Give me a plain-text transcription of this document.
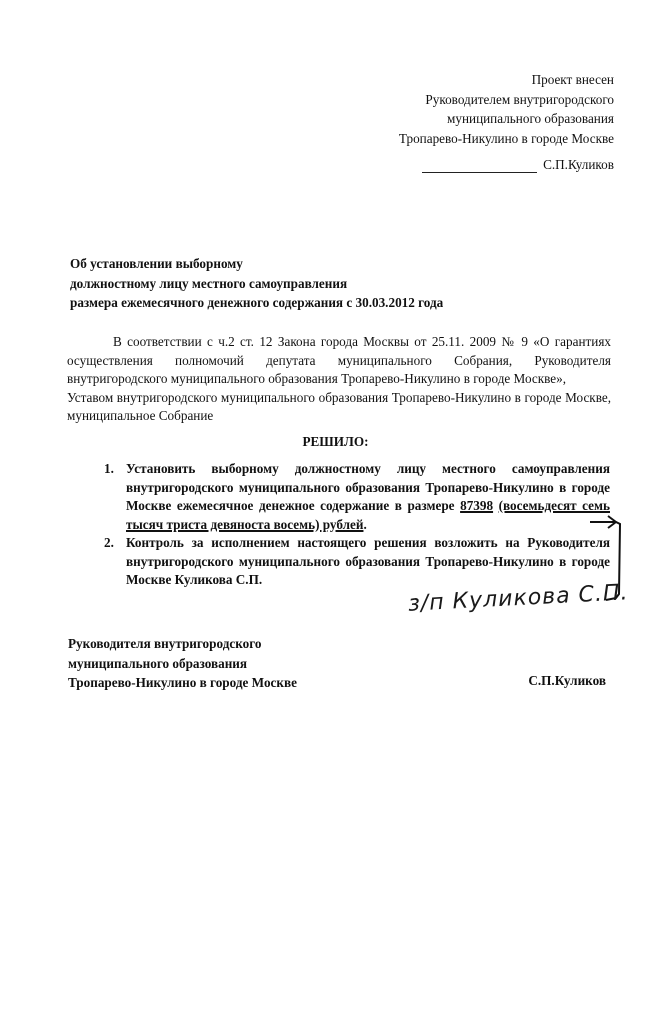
Проект внесен
Руководителем внутригородского
муниципального образования
Тропарево-Никулино в городе Москве
С.П.Куликов
Об установлении выборному
должностному лицу местного самоуправления
размера ежемесячного денежного содержания с 30.03.2012 года

В соответствии с ч.2 ст. 12 Закона города Москвы от 25.11. 2009 № 9 «О гарантиях осуществления полномочий депутата муниципального Собрания, Руководителя внутригородского муниципального образования Тропарево-Никулино в городе Москве»,

Уставом внутригородского муниципального образования Тропарево-Никулино в городе Москве, муниципальное Собрание

РЕШИЛО:
1. Установить выборному должностному лицу местного самоуправления внутригородского муниципального образования Тропарево-Никулино в городе Москве ежемесячное денежное содержание в размере 87398 (восемьдесят семь тысяч триста девяноста восемь) рублей.
2. Контроль за исполнением настоящего решения возложить на Руководителя внутригородского муниципального образования Тропарево-Никулино в городе Москве Куликова С.П.
з/п Куликова С.П.
Руководителя внутригородского
муниципального образования
Тропарево-Никулино в городе Москве	С.П.Куликов
